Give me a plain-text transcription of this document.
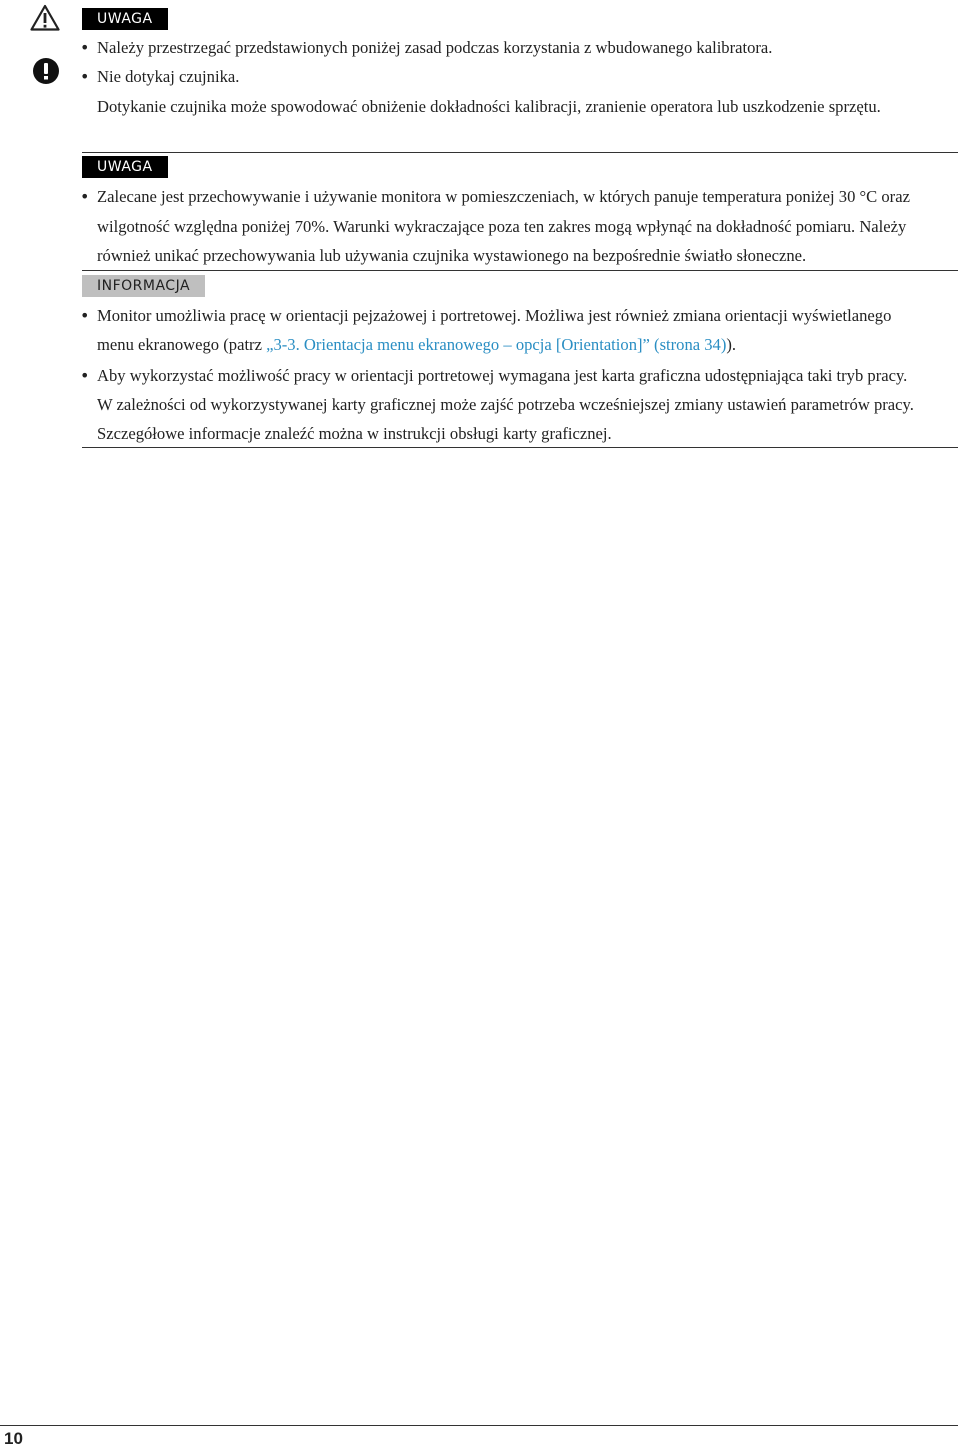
UWAGA
• Należy przestrzegać przedstawionych poniżej zasad podczas korzystania z wbudowanego kalibratora.

• Nie dotykaj czujnika.

Dotykanie czujnika może spowodować obniżenie dokładności kalibracji, zranienie operatora lub uszkodzenie sprzętu.

UWAGA
• Zalecane jest przechowywanie i używanie monitora w pomieszczeniach, w których panuje temperatura poniżej 30 °C oraz

wilgotność względna poniżej 70%. Warunki wykraczające poza ten zakres mogą wpłynąć na dokładność pomiaru. Należy

również unikać przechowywania lub używania czujnika wystawionego na bezpośrednie światło słoneczne.

INFORMACJA
• Monitor umożliwia pracę w orientacji pejzażowej i portretowej. Możliwa jest również zmiana orientacji wyświetlanego

menu ekranowego (patrz „3-3. Orientacja menu ekranowego – opcja [Orientation]” (strona 34)).

• Aby wykorzystać możliwość pracy w orientacji portretowej wymagana jest karta graficzna udostępniająca taki tryb pracy.

W zależności od wykorzystywanej karty graficznej może zajść potrzeba wcześniejszej zmiany ustawień parametrów pracy.

Szczegółowe informacje znaleźć można w instrukcji obsługi karty graficznej.

10
